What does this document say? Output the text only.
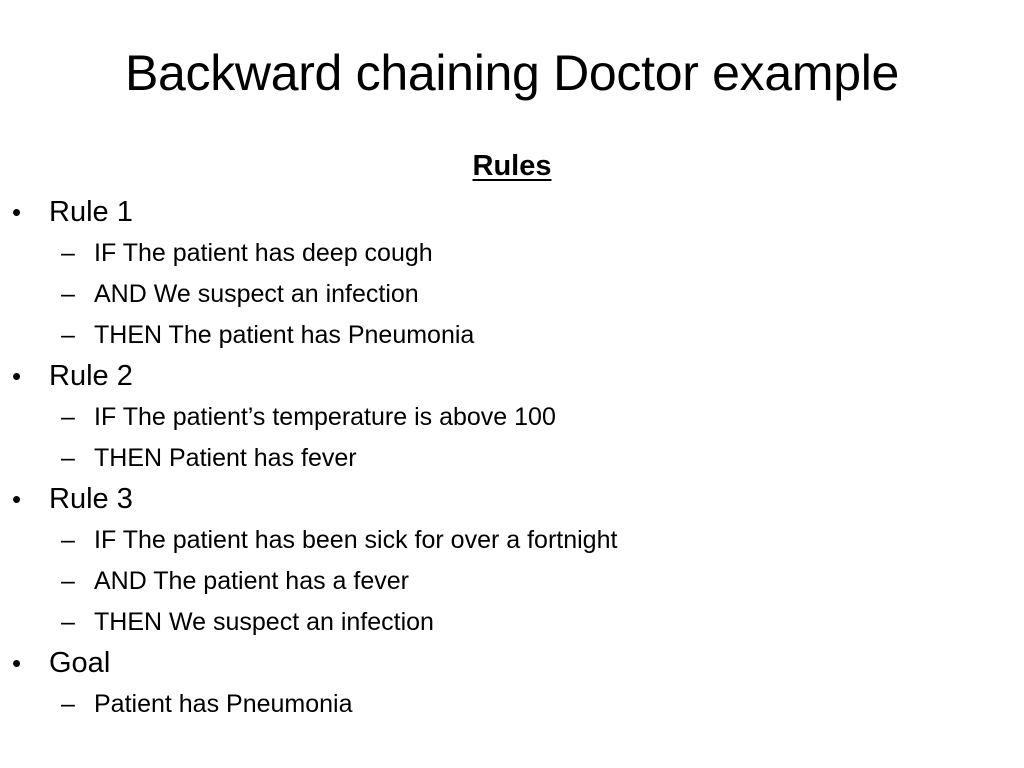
Backward chaining Doctor example
Rules
• Rule 1
– IF The patient has deep cough
– AND We suspect an infection
– THEN The patient has Pneumonia
• Rule 2
– IF The patient’s temperature is above 100
– THEN Patient has fever
• Rule 3
– IF The patient has been sick for over a fortnight
– AND The patient has a fever
– THEN We suspect an infection
• Goal
– Patient has Pneumonia
